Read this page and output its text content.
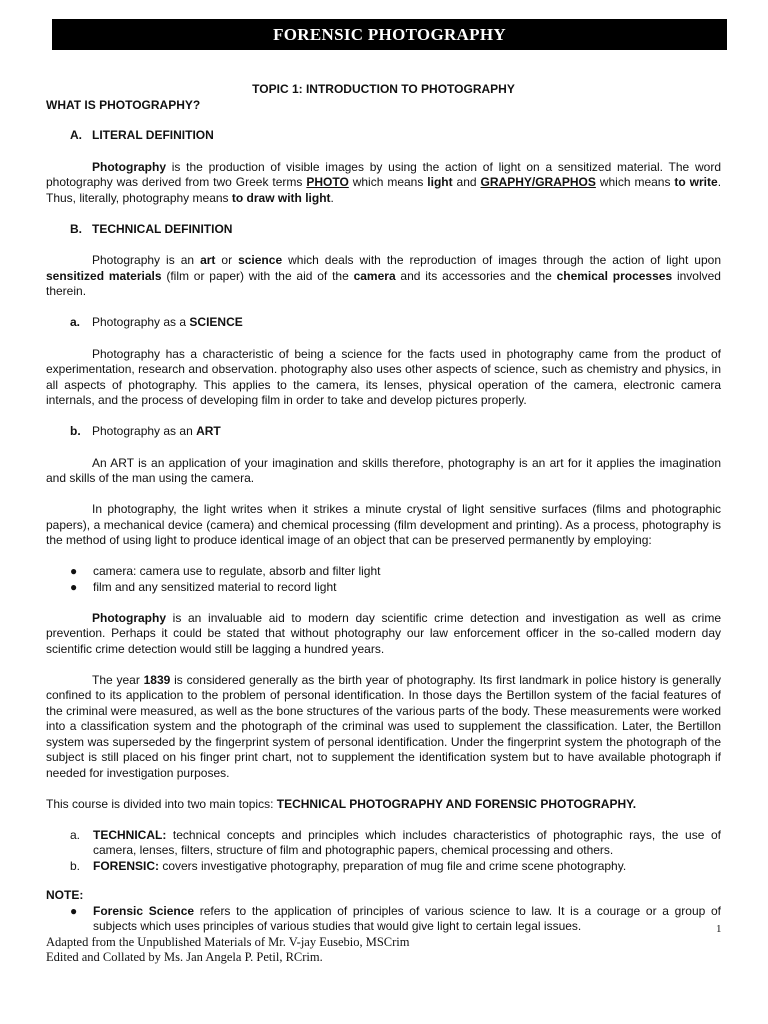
FORENSIC PHOTOGRAPHY

TOPIC 1: INTRODUCTION TO PHOTOGRAPHY

WHAT IS PHOTOGRAPHY?

A. LITERAL DEFINITION

Photography is the production of visible images by using the action of light on a sensitized material. The word photography was derived from two Greek terms PHOTO which means light and GRAPHY/GRAPHOS which means to write. Thus, literally, photography means to draw with light.

B. TECHNICAL DEFINITION

Photography is an art or science which deals with the reproduction of images through the action of light upon sensitized materials (film or paper) with the aid of the camera and its accessories and the chemical processes involved therein.

a. Photography as a SCIENCE

Photography has a characteristic of being a science for the facts used in photography came from the product of experimentation, research and observation. photography also uses other aspects of science, such as chemistry and physics, in all aspects of photography. This applies to the camera, its lenses, physical operation of the camera, electronic camera internals, and the process of developing film in order to take and develop pictures properly.

b. Photography as an ART

An ART is an application of your imagination and skills therefore, photography is an art for it applies the imagination and skills of the man using the camera.

In photography, the light writes when it strikes a minute crystal of light sensitive surfaces (films and photographic papers), a mechanical device (camera) and chemical processing (film development and printing). As a process, photography is the method of using light to produce identical image of an object that can be preserved permanently by employing:

● camera: camera use to regulate, absorb and filter light
● film and any sensitized material to record light

Photography is an invaluable aid to modern day scientific crime detection and investigation as well as crime prevention. Perhaps it could be stated that without photography our law enforcement officer in the so-called modern day scientific crime detection would still be lagging a hundred years.

The year 1839 is considered generally as the birth year of photography. Its first landmark in police history is generally confined to its application to the problem of personal identification. In those days the Bertillon system of the facial features of the criminal were measured, as well as the bone structures of the various parts of the body. These measurements were worked into a classification system and the photograph of the criminal was used to supplement the classification. Later, the Bertillon system was superseded by the fingerprint system of personal identification. Under the fingerprint system the photograph of the subject is still placed on his finger print chart, not to supplement the identification system but to have available photograph if needed for investigation purposes.

This course is divided into two main topics: TECHNICAL PHOTOGRAPHY AND FORENSIC PHOTOGRAPHY.

a. TECHNICAL: technical concepts and principles which includes characteristics of photographic rays, the use of camera, lenses, filters, structure of film and photographic papers, chemical processing and others.
b. FORENSIC: covers investigative photography, preparation of mug file and crime scene photography.

NOTE:

● Forensic Science refers to the application of principles of various science to law. It is a courage or a group of subjects which uses principles of various studies that would give light to certain legal issues.	1
Adapted from the Unpublished Materials of Mr. V-jay Eusebio, MSCrim
Edited and Collated by Ms. Jan Angela P. Petil, RCrim.
